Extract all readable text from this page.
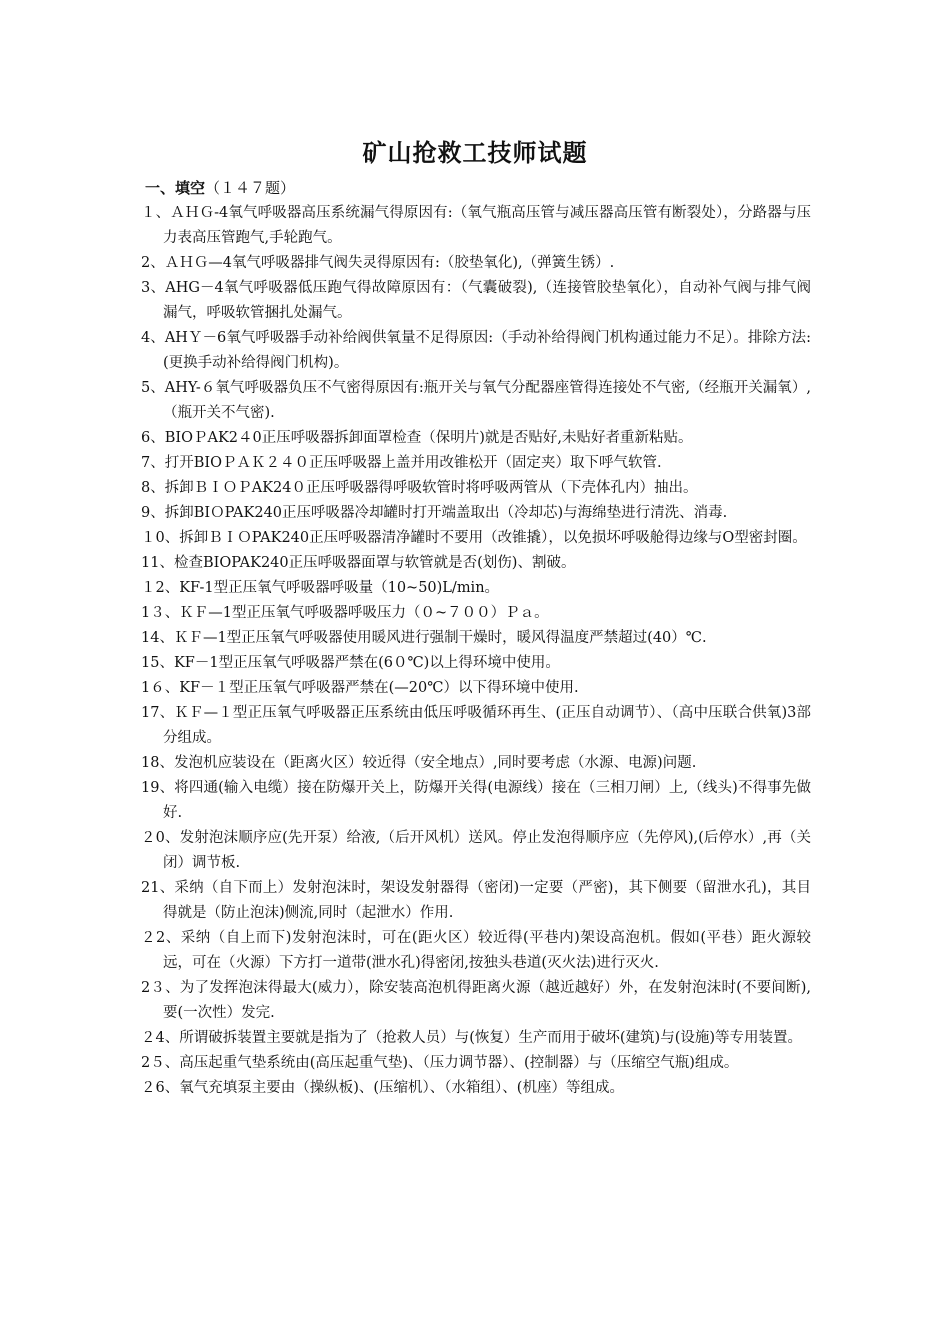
矿山抢救工技师试题

一、填空（１４７题）

１、ＡＨＧ-4氧气呼吸器高压系统漏气得原因有:（氧气瓶高压管与减压器高压管有断裂处），分路器与压力表高压管跑气,手轮跑气。
2、ＡＨＧ—4氧气呼吸器排气阀失灵得原因有:（胶垫氧化),（弹簧生锈）.
3、AHG－4氧气呼吸器低压跑气得故障原因有：（气囊破裂),（连接管胶垫氧化），自动补气阀与排气阀漏气，呼吸软管捆扎处漏气。
4、AHＹ－6氧气呼吸器手动补给阀供氧量不足得原因:（手动补给得阀门机构通过能力不足）。排除方法:(更换手动补给得阀门机构)。
5、AHY-６氧气呼吸器负压不气密得原因有:瓶开关与氧气分配器座管得连接处不气密,（经瓶开关漏氧）,（瓶开关不气密).
6、BIOＰAK2４0正压呼吸器拆卸面罩检查（保明片)就是否贴好,未贴好者重新粘贴。
7、打开BIOＰＡＫ２４０正压呼吸器上盖并用改锥松开（固定夹）取下呼气软管.
8、拆卸ＢＩＯＰAK24０正压呼吸器得呼吸软管时将呼吸两管从（下壳体孔内）抽出。
9、拆卸BIＯPAK240正压呼吸器冷却罐时打开端盖取出（冷却芯)与海绵垫进行清洗、消毒.
１0、拆卸ＢＩＯPAK240正压呼吸器清净罐时不要用（改锥撬），以免损坏呼吸舱得边缘与O型密封圈。
11、检查BIOPAK240正压呼吸器面罩与软管就是否(划伤)、割破。
１2、KF-1型正压氧气呼吸器呼吸量（10~50)L/min。
1３、ＫＦ—1型正压氧气呼吸器呼吸压力（０~７００）Ｐａ。
14、ＫＦ—1型正压氧气呼吸器使用暖风进行强制干燥时，暖风得温度严禁超过(40）℃.
15、KF－1型正压氧气呼吸器严禁在(6０℃)以上得环境中使用。
1６、KF－１型正压氧气呼吸器严禁在(—20℃）以下得环境中使用.
17、ＫＦ—１型正压氧气呼吸器正压系统由低压呼吸循环再生、(正压自动调节）、（高中压联合供氧)3部分组成。
18、发泡机应装设在（距离火区）较近得（安全地点）,同时要考虑（水源、电源)问题.
19、将四通(输入电缆）接在防爆开关上，防爆开关得(电源线）接在（三相刀闸）上,（线头)不得事先做好.
２0、发射泡沫顺序应(先开泵）给液,（后开风机）送风。停止发泡得顺序应（先停风),(后停水）,再（关闭）调节板.
21、采纳（自下而上）发射泡沫时，架设发射器得（密闭)一定要（严密)，其下侧要（留泄水孔)，其目得就是（防止泡沫)侧流,同时（起泄水）作用.
２2、采纳（自上而下)发射泡沫时，可在(距火区）较近得(平巷内)架设高泡机。假如(平巷）距火源较远，可在（火源）下方打一道带(泄水孔)得密闭,按独头巷道(灭火法)进行灭火.
2３、为了发挥泡沫得最大(威力），除安装高泡机得距离火源（越近越好）外，在发射泡沫时(不要间断),要(一次性）发完.
２4、所谓破拆装置主要就是指为了（抢救人员）与(恢复）生产而用于破坏(建筑)与(设施)等专用装置。
2５、高压起重气垫系统由(高压起重气垫)、（压力调节器）、(控制器）与（压缩空气瓶)组成。
２6、氧气充填泵主要由（操纵板)、(压缩机）、（水箱组）、(机座）等组成。
